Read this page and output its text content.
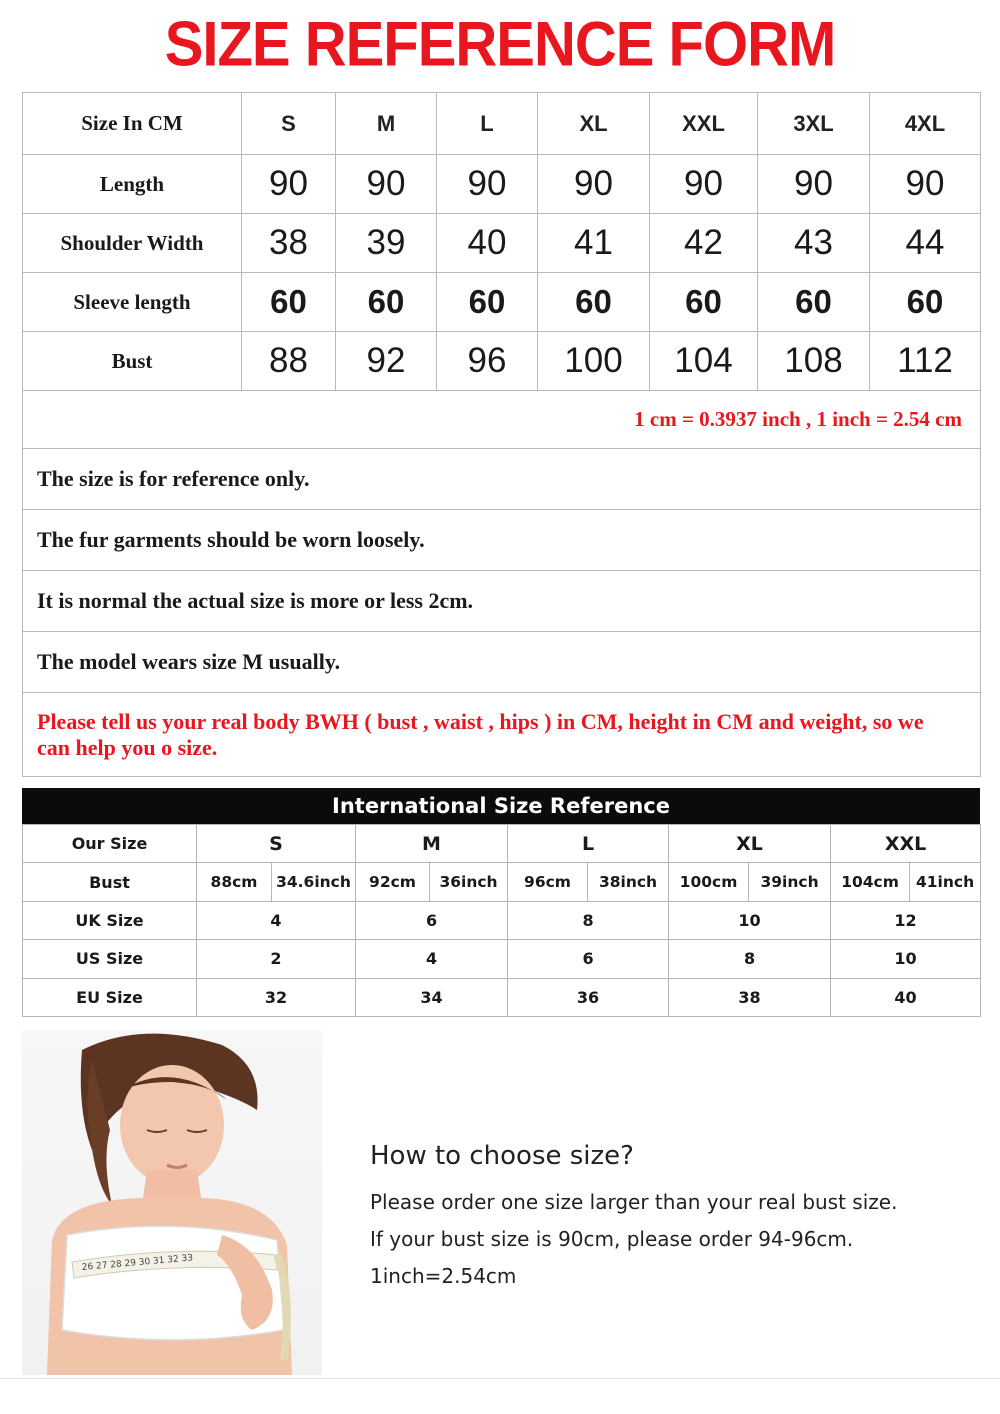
SIZE REFERENCE FORM
Size In CM	S	M	L	XL	XXL	3XL	4XL
Length	90	90	90	90	90	90	90
Shoulder Width	38	39	40	41	42	43	44
Sleeve length	60	60	60	60	60	60	60
Bust	88	92	96	100	104	108	112
1 cm = 0.3937 inch , 1 inch = 2.54 cm							
The size is for reference only.							
The fur garments should be worn loosely.							
It is normal the actual size is more or less 2cm.							
The model wears size M usually.							

Please tell us your real body BWH ( bust , waist , hips ) in CM, height in CM and weight, so we can help you o size.							
International Size Reference
Our Size	S		M		L		XL		XXL	
Bust	88cm	34.6inch	92cm	36inch	96cm	38inch	100cm	39inch	104cm	41inch
UK Size	4		6		8		10		12	
US Size	2		4		6		8		10	
EU Size	32		34		36		38		40	
26 27 28 29 30 31 32 33
How to choose size?
Please order one size larger than your real bust size.
If your bust size is 90cm, please order 94-96cm.
1inch=2.54cm
